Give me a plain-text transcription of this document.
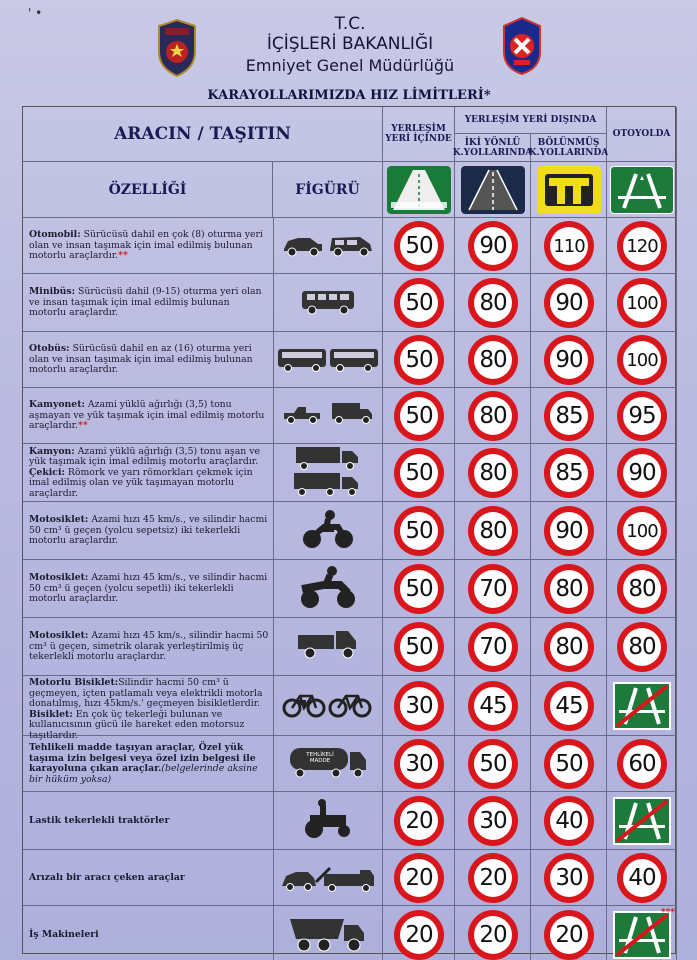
' •
T.C.
İÇİŞLERİ BAKANLIĞI
Emniyet Genel Müdürlüğü
KARAYOLLARIMIZDA HIZ LİMİTLERİ*
ARACIN / TAŞITIN
ÖZELLİĞİ	FİGÜRÜ
YERLEŞİM YERİ İÇİNDE
YERLEŞİM YERİ DIŞINDA
İKİ YÖNLÜ K.YOLLARINDA
BÖLÜNMÜŞ K.YOLLARINDA
OTOYOLDA
Otomobil: Sürücüsü dahil en çok (8) oturma yeri olan ve insan taşımak için imal edilmiş bulunan motorlu araçlardır.**	50 90	110 120
Minibüs: Sürücüsü dahil (9-15) oturma yeri olan ve insan taşımak için imal edilmiş bulunan motorlu araçlardır.	50 80 90 100
Otobüs: Sürücüsü dahil en az (16) oturma yeri olan ve insan taşımak için imal edilmiş bulunan motorlu araçlardır.	50 80 90 100
Kamyonet: Azami yüklü ağırlığı (3,5) tonu aşmayan ve yük taşımak için imal edilmiş motorlu araçlardır.**	50 80 85 95
Kamyon: Azami yüklü ağırlığı (3,5) tonu aşan ve yük taşımak için imal edilmiş motorlu araçlardır.
Çekici: Römork ve yarı römorkları çekmek için imal edilmiş olan ve yük taşımayan motorlu araçlardır.
50 80 85 90
Motosiklet: Azami hızı 45 km/s., ve silindir hacmi 50 cm³ ü geçen (yolcu sepetsiz) iki tekerlekli motorlu araçlardır.	50 80 90 100
Motosiklet: Azami hızı 45 km/s., ve silindir hacmi 50 cm³ ü geçen (yolcu sepetli) iki tekerlekli motorlu araçlardır.	50 70 80 80
Motosiklet: Azami hızı 45 km/s., silindir hacmi 50 cm³ ü geçen, simetrik olarak yerleştirilmiş üç tekerlekli motorlu araçlardır.	50 70 80 80
Motorlu Bisiklet:Silindir hacmi 50 cm³ ü geçmeyen, içten patlamalı veya elektrikli motorla donatılmış, hızı 45km/s.' geçmeyen bisikletlerdir.
Bisiklet: En çok üç tekerleği bulunan ve kullanıcısının gücü ile hareket eden motorsuz taşıtlardır.
30 45 45
Tehlikeli madde taşıyan araçlar, Özel yük taşıma izin belgesi veya özel izin belgesi ile karayoluna çıkan araçlar.(belgelerinde aksine bir hüküm yoksa)
TEHLİKELİ MADDE	30 50 50 60
Lastik tekerlekli traktörler	20 30 40
Arızalı bir aracı çeken araçlar	20 20 30 40
İş Makineleri	20 20 20
***
